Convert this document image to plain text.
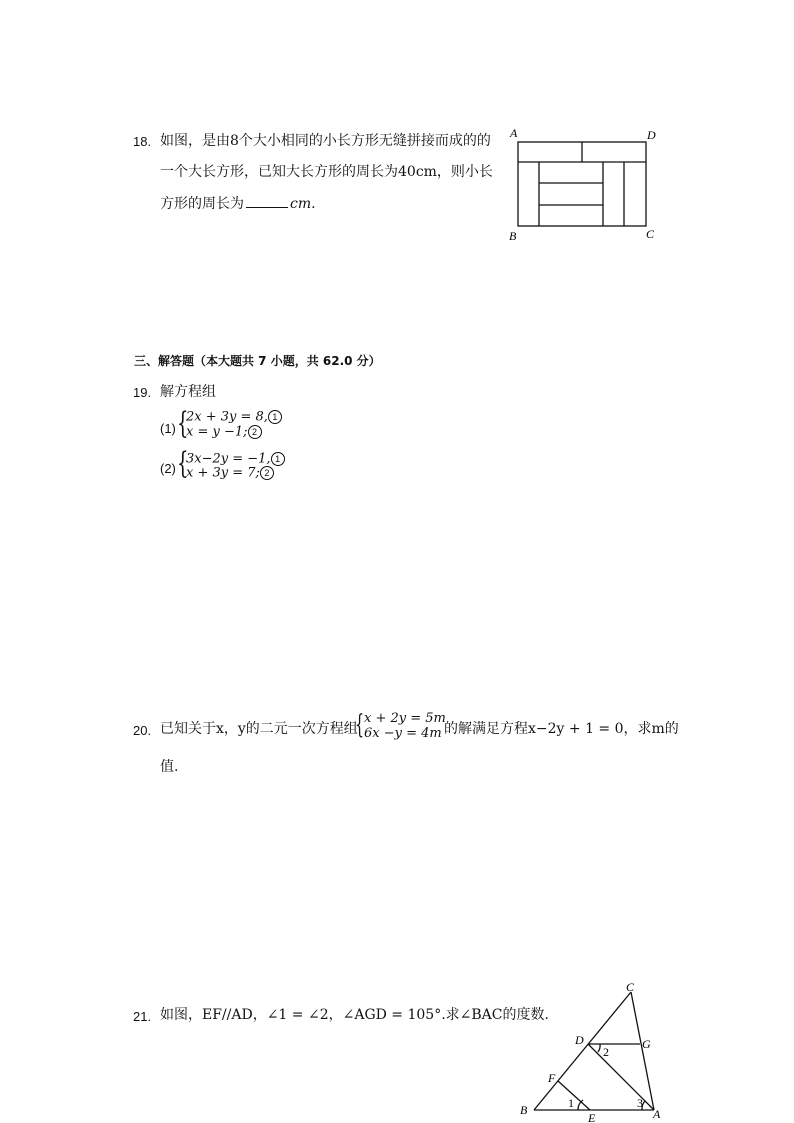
18. 如图，是由8个大小相同的小长方形无缝拼接而成的的
一个大长方形，已知大长方形的周长为40cm，则小长
方形的周长为	cm.
A	D
B	C
三、解答题（本大题共 7 小题，共 62.0 分）
19. 解方程组
(1) {
2x + 3y = 8, 1
x = y −1; 2
(2) {
3x−2y = −1, 1
x + 3y = 7; 2
20. 已知关于x，y的二元一次方程组
{ x + 2y = 5m
6x −y = 4m 的解满足方程x−2y + 1 = 0，求m的
值.
21. 如图，EF//AD，∠1 = ∠2，∠AGD = 105°.求∠BAC的度数.
C
D	G
F
B
E	A
1
2
3
